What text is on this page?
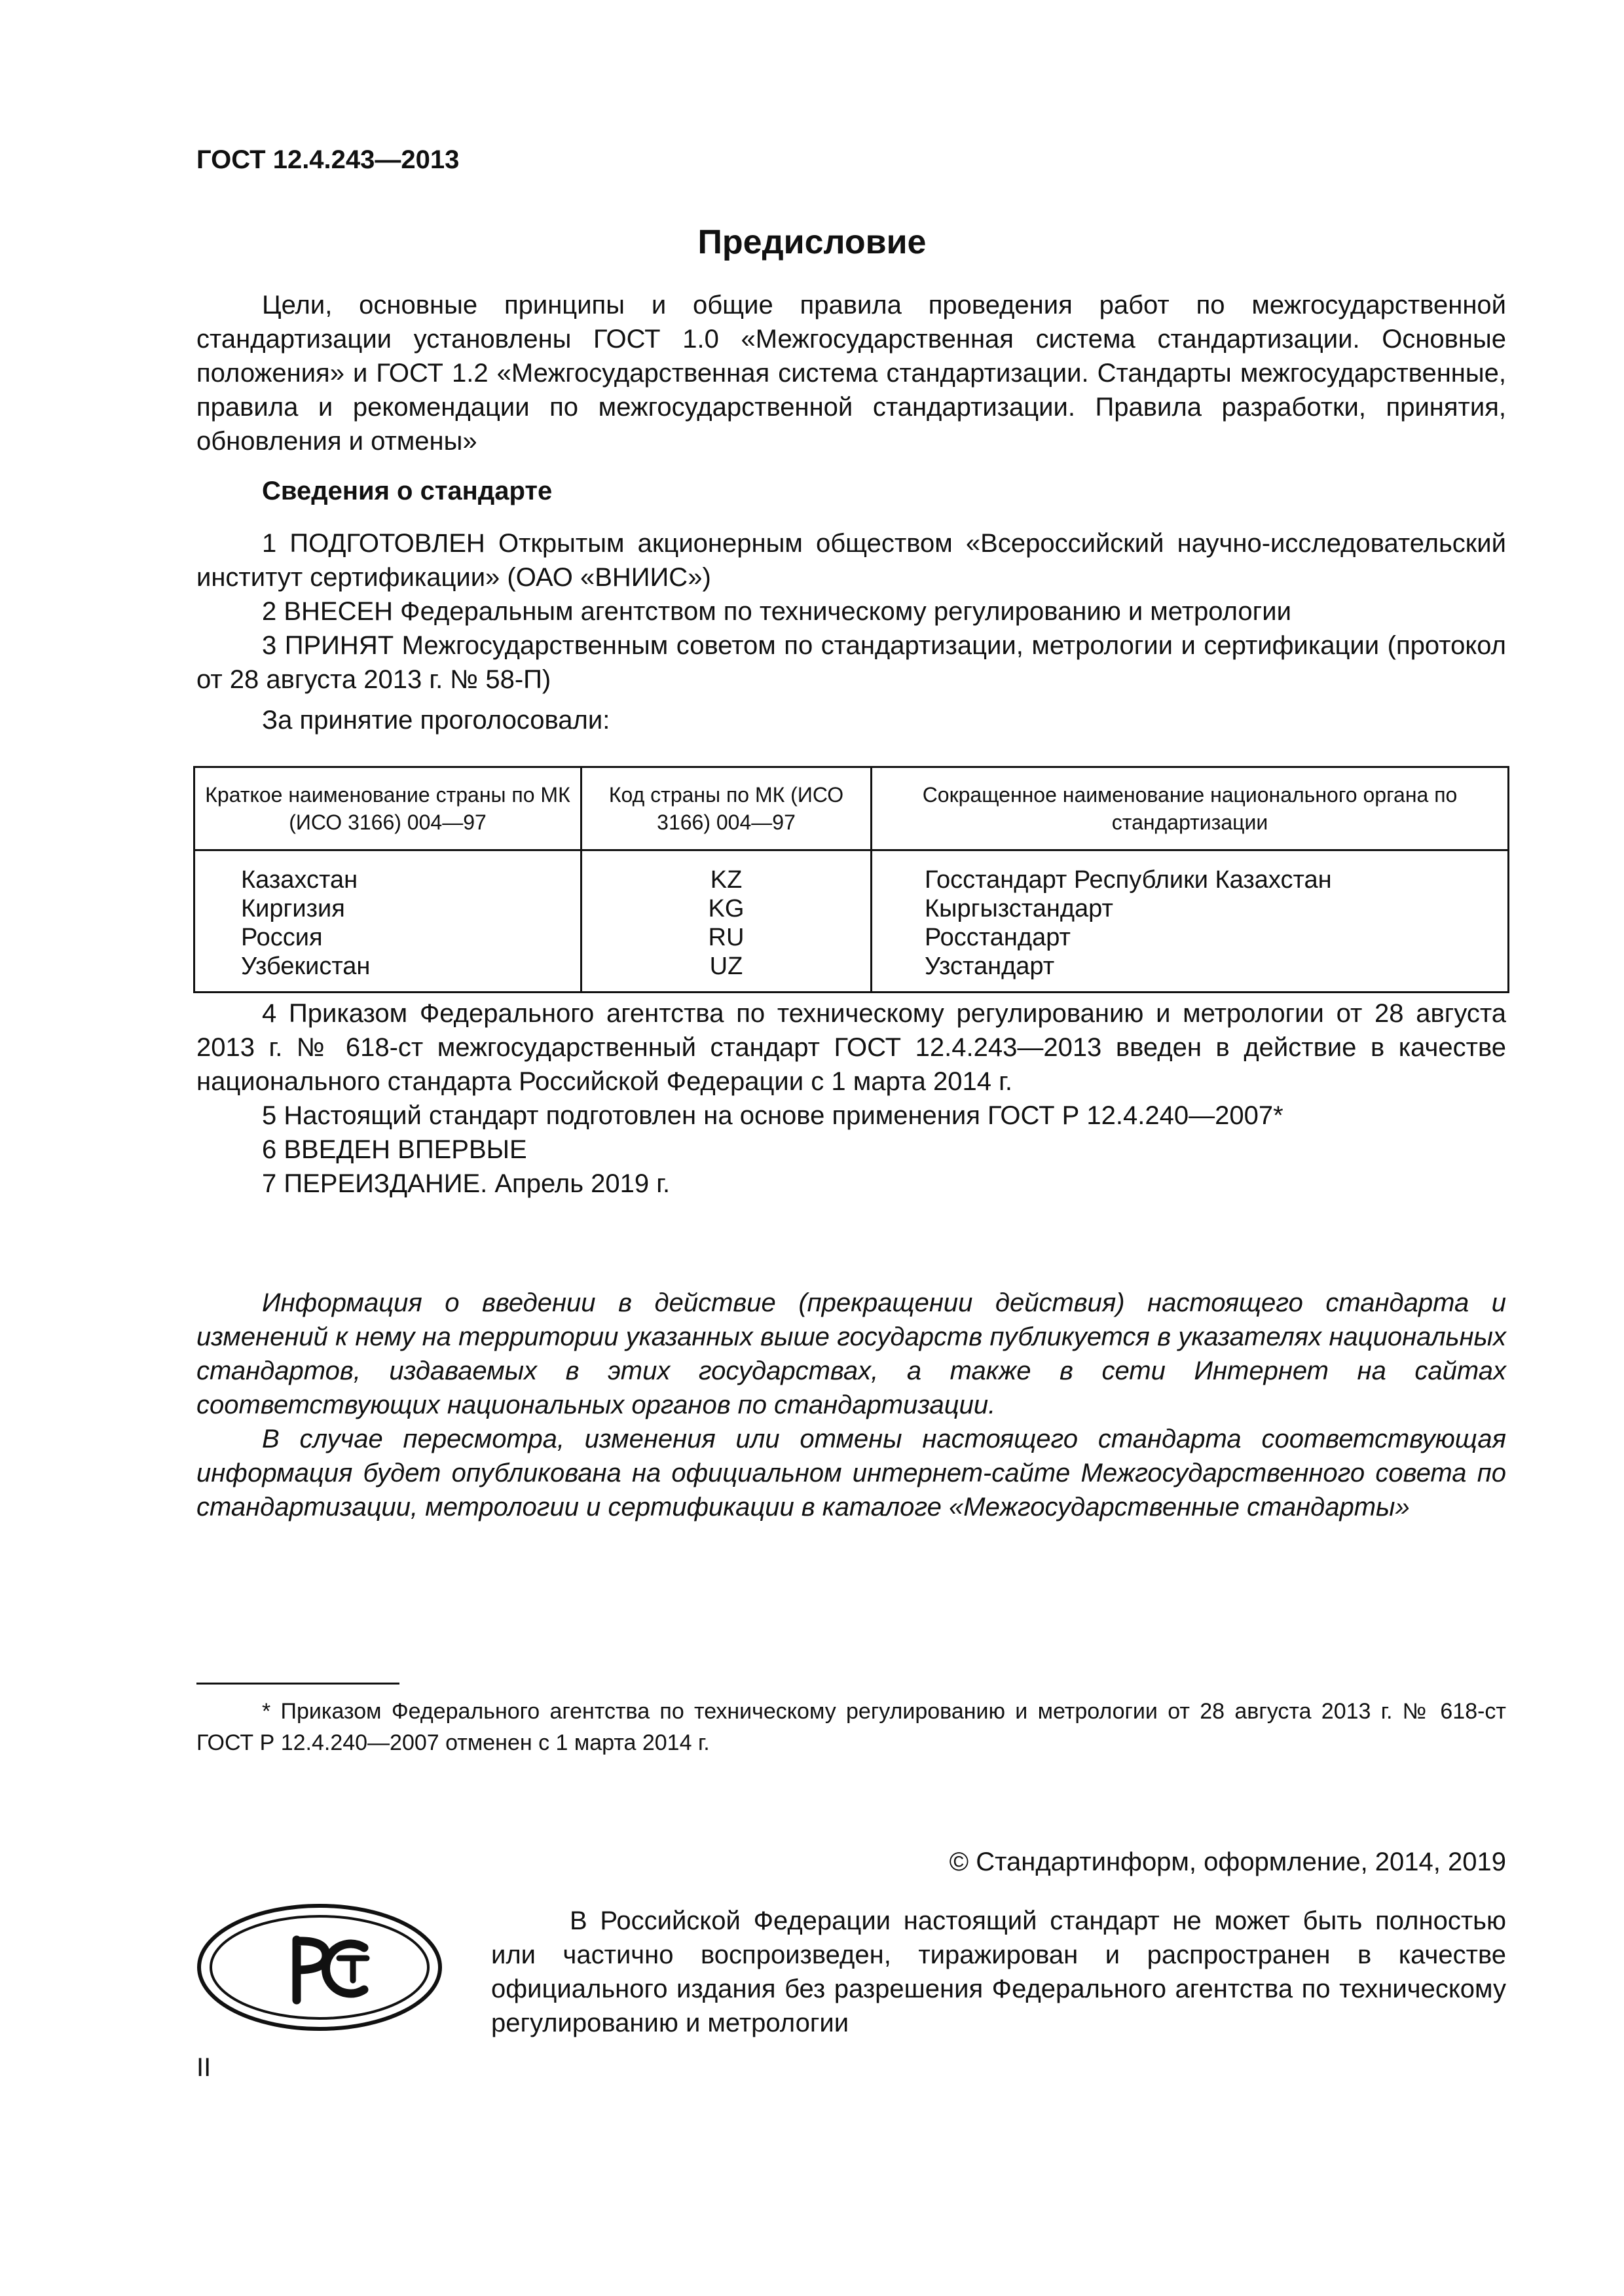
ГОСТ 12.4.243—2013
Предисловие
Цели, основные принципы и общие правила проведения работ по межгосударственной стандартизации установлены ГОСТ 1.0 «Межгосударственная система стандартизации. Основные положения» и ГОСТ 1.2 «Межгосударственная система стандартизации. Стандарты межгосударственные, правила и рекомендации по межгосударственной стандартизации. Правила разработки, принятия, обновления и отмены»
Сведения о стандарте
1 ПОДГОТОВЛЕН Открытым акционерным обществом «Всероссийский научно-исследовательский институт сертификации» (ОАО «ВНИИС»)
2 ВНЕСЕН Федеральным агентством по техническому регулированию и метрологии
3 ПРИНЯТ Межгосударственным советом по стандартизации, метрологии и сертификации (протокол от 28 августа 2013 г. № 58-П)
За принятие проголосовали:
Краткое наименование страны по МК (ИСО 3166) 004—97	Код страны по МК (ИСО 3166) 004—97	Сокращенное наименование национального органа по стандартизации
Казахстан	KZ	Госстандарт Республики Казахстан
Киргизия	KG	Кыргызстандарт
Россия	RU	Росстандарт
Узбекистан	UZ	Узстандарт
4 Приказом Федерального агентства по техническому регулированию и метрологии от 28 августа 2013 г. № 618-ст межгосударственный стандарт ГОСТ 12.4.243—2013 введен в действие в качестве национального стандарта Российской Федерации с 1 марта 2014 г.
5 Настоящий стандарт подготовлен на основе применения ГОСТ Р 12.4.240—2007*
6 ВВЕДЕН ВПЕРВЫЕ
7 ПЕРЕИЗДАНИЕ. Апрель 2019 г.
Информация о введении в действие (прекращении действия) настоящего стандарта и изменений к нему на территории указанных выше государств публикуется в указателях национальных стандартов, издаваемых в этих государствах, а также в сети Интернет на сайтах соответствующих национальных органов по стандартизации.
В случае пересмотра, изменения или отмены настоящего стандарта соответствующая информация будет опубликована на официальном интернет-сайте Межгосударственного совета по стандартизации, метрологии и сертификации в каталоге «Межгосударственные стандарты»
* Приказом Федерального агентства по техническому регулированию и метрологии от 28 августа 2013 г. № 618-ст ГОСТ Р 12.4.240—2007 отменен с 1 марта 2014 г.
© Стандартинформ, оформление, 2014, 2019
В Российской Федерации настоящий стандарт не может быть полностью или частично воспроизведен, тиражирован и распространен в качестве официального издания без разрешения Федерального агентства по техническому регулированию и метрологии
II
